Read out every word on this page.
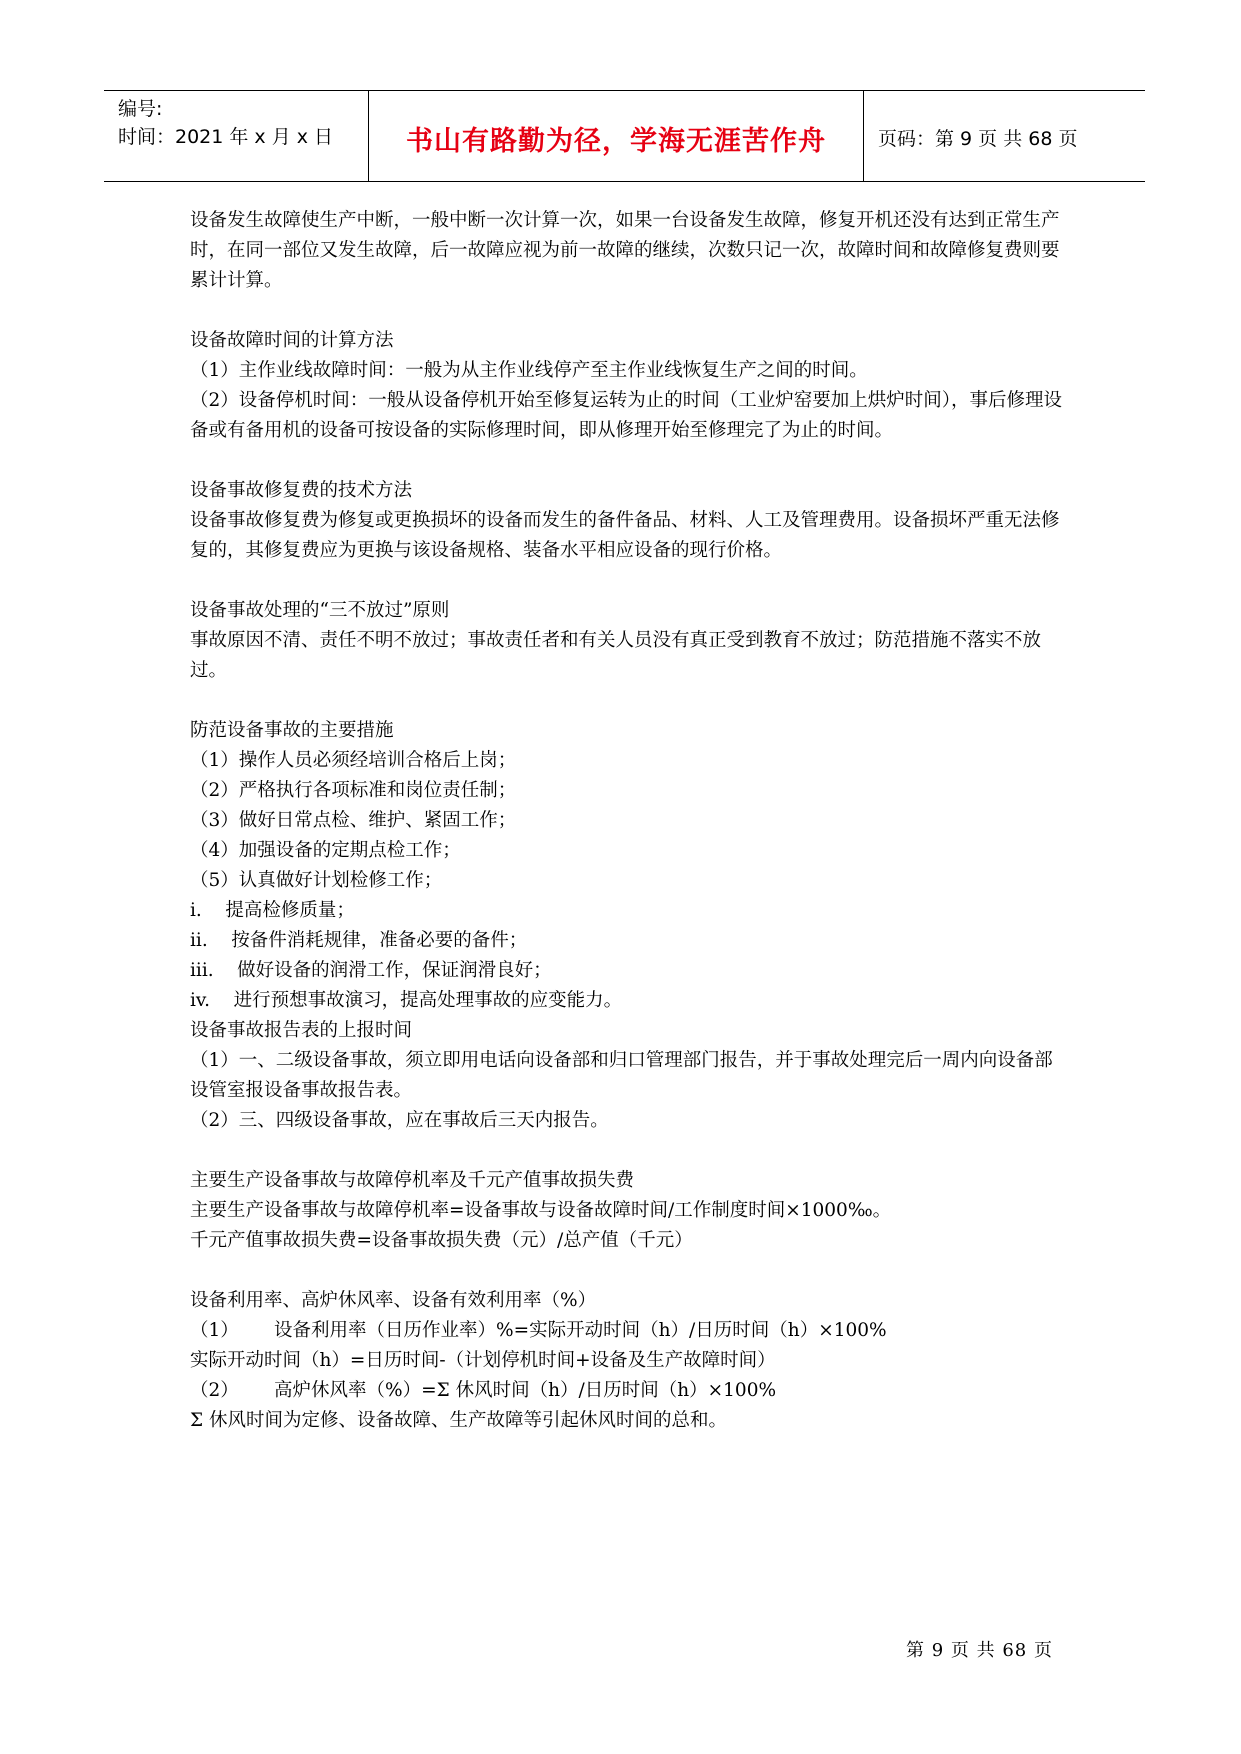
编号:
时间：2021 年 x 月 x 日	书山有路勤为径，学海无涯苦作舟	页码：第 9 页 共 68 页

设备发生故障使生产中断，一般中断一次计算一次，如果一台设备发生故障，修复开机还没有达到正常生产时，在同一部位又发生故障，后一故障应视为前一故障的继续，次数只记一次，故障时间和故障修复费则要累计计算。

设备故障时间的计算方法

（1）主作业线故障时间：一般为从主作业线停产至主作业线恢复生产之间的时间。

（2）设备停机时间：一般从设备停机开始至修复运转为止的时间（工业炉窑要加上烘炉时间），事后修理设备或有备用机的设备可按设备的实际修理时间，即从修理开始至修理完了为止的时间。

设备事故修复费的技术方法

设备事故修复费为修复或更换损坏的设备而发生的备件备品、材料、人工及管理费用。设备损坏严重无法修复的，其修复费应为更换与该设备规格、装备水平相应设备的现行价格。

设备事故处理的“三不放过”原则

事故原因不清、责任不明不放过；事故责任者和有关人员没有真正受到教育不放过；防范措施不落实不放过。

防范设备事故的主要措施

（1）操作人员必须经培训合格后上岗；

（2）严格执行各项标准和岗位责任制；

（3）做好日常点检、维护、紧固工作；

（4）加强设备的定期点检工作；

（5）认真做好计划检修工作；

i.    提高检修质量；

ii.    按备件消耗规律，准备必要的备件；

iii.    做好设备的润滑工作，保证润滑良好；

iv.    进行预想事故演习，提高处理事故的应变能力。

设备事故报告表的上报时间

（1）一、二级设备事故，须立即用电话向设备部和归口管理部门报告，并于事故处理完后一周内向设备部设管室报设备事故报告表。

（2）三、四级设备事故，应在事故后三天内报告。

主要生产设备事故与故障停机率及千元产值事故损失费

主要生产设备事故与故障停机率=设备事故与设备故障时间/工作制度时间×1000‰。

千元产值事故损失费=设备事故损失费（元）/总产值（千元）

设备利用率、高炉休风率、设备有效利用率（%）

（1）      设备利用率（日历作业率）%=实际开动时间（h）/日历时间（h）×100%

实际开动时间（h）=日历时间-（计划停机时间+设备及生产故障时间）

（2）      高炉休风率（%）=Σ 休风时间（h）/日历时间（h）×100%

Σ 休风时间为定修、设备故障、生产故障等引起休风时间的总和。

第 9 页 共 68 页
